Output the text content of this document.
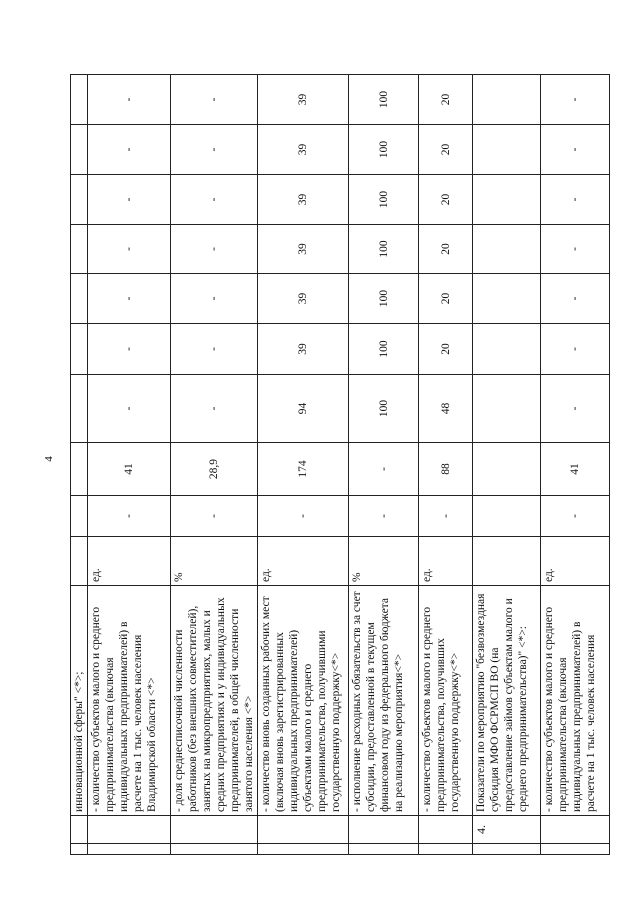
4
		инновационной сферы" <*>;										
		- количество субъектов малого и среднего предпринимательства (включая индивидуальных предпринимателей) в расчете на 1 тыс. человек населения Владимирской области <*>	ед.	-	41	-	-	-	-	-	-	-
		- доля среднесписочной численности работников (без внешних совместителей), занятых на микропредприятиях, малых и средних предприятиях и у индивидуальных предпринимателей, в общей численности занятого населения <*>	%	-	28,9	-	-	-	-	-	-	-
		- количество вновь созданных рабочих мест (включая вновь зарегистрированных индивидуальных предпринимателей) субъектами малого и среднего предпринимательства, получившими государственную поддержку<*>	ед.	-	174	94	39	39	39	39	39	39
		- исполнение расходных обязательств за счет субсидии, предоставленной в текущем финансовом году из федерального бюджета на реализацию мероприятия<*>	%	-	-	100	100	100	100	100	100	100
		- количество субъектов малого и среднего предпринимательства, получивших государственную поддержку<*>	ед.	-	88	48	20	20	20	20	20	20
	4.	Показатели по мероприятию "безвозмездная субсидия МФО ФСРМСП ВО (на предоставление займов субъектам малого и среднего предпринимательства)" <*>:										
		- количество субъектов малого и среднего предпринимательства (включая индивидуальных предпринимателей) в расчете на 1 тыс. человек населения	ед.	-	41	-	-	-	-	-	-	-
